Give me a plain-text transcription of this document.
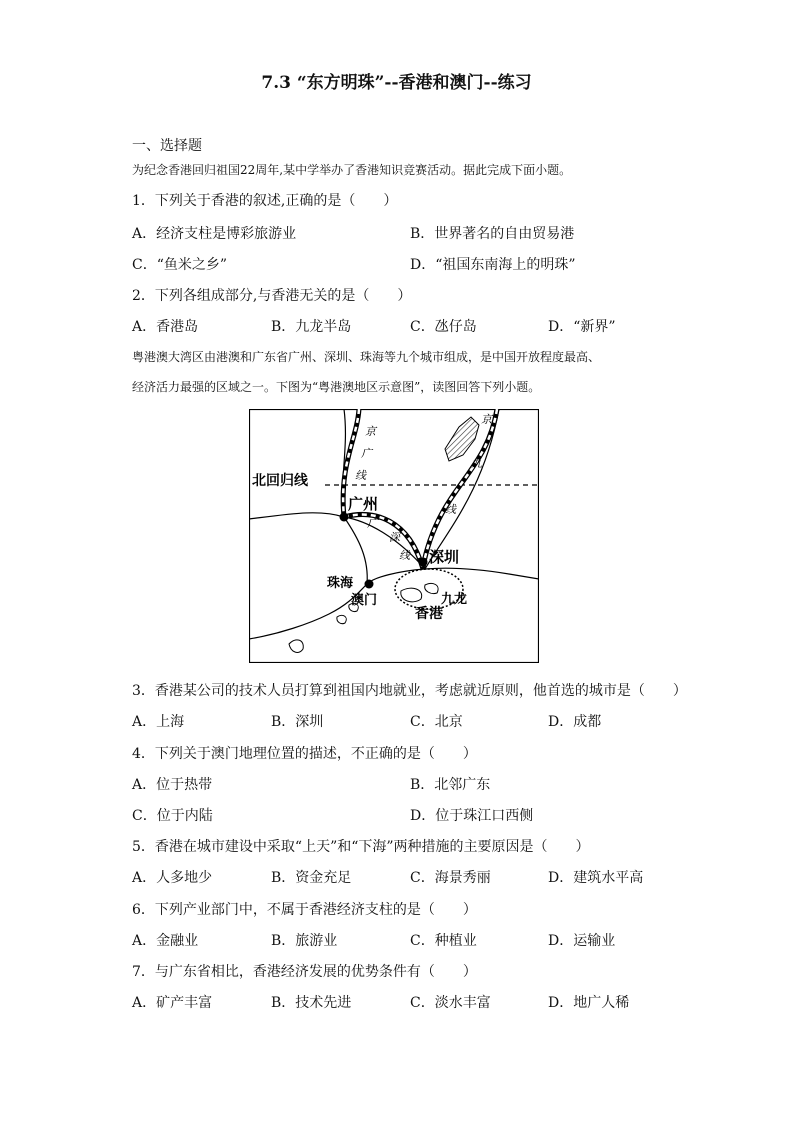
7.3 “东方明珠”--香港和澳门--练习
一、选择题
为纪念香港回归祖国22周年,某中学举办了香港知识竞赛活动。据此完成下面小题。
1．下列关于香港的叙述,正确的是（　　）
A．经济支柱是博彩旅游业	B．世界著名的自由贸易港
C．“鱼米之乡”	D．“祖国东南海上的明珠”
2．下列各组成部分,与香港无关的是（　　）
A．香港岛	B．九龙半岛	C．氹仔岛	D．“新界”
粤港澳大湾区由港澳和广东省广州、深圳、珠海等九个城市组成，是中国开放程度最高、
经济活力最强的区域之一。下图为“粤港澳地区示意图”，读图回答下列小题。
北回归线
广州
深圳
珠海
澳门	九龙
香港
京
广
线
京
九
线
广
深
线
3．香港某公司的技术人员打算到祖国内地就业，考虑就近原则，他首选的城市是（　　）
A．上海	B．深圳	C．北京	D．成都
4．下列关于澳门地理位置的描述，不正确的是（　　）
A．位于热带	B．北邻广东
C．位于内陆	D．位于珠江口西侧
5．香港在城市建设中采取“上天”和“下海”两种措施的主要原因是（　　）
A．人多地少	B．资金充足	C．海景秀丽	D．建筑水平高
6．下列产业部门中，不属于香港经济支柱的是（　　）
A．金融业	B．旅游业	C．种植业	D．运输业
7．与广东省相比，香港经济发展的优势条件有（　　）
A．矿产丰富	B．技术先进	C．淡水丰富	D．地广人稀
